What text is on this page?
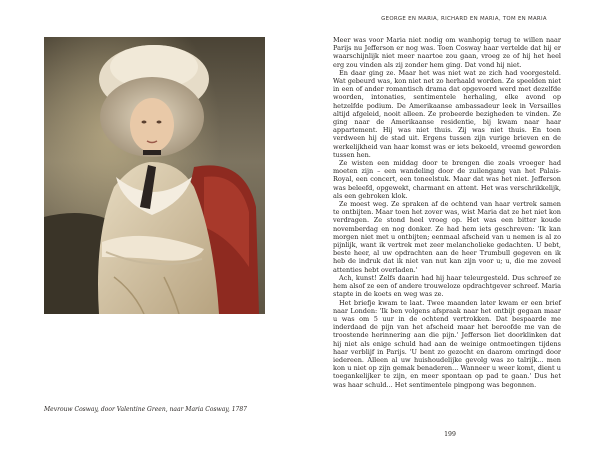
Mevrouw Cosway, door Valentine Green, naar Maria Cosway, 1787
GEORGE EN MARIA, RICHARD EN MARIA, TOM EN MARIA

Meer was voor Maria niet nodig om wanhopig terug te willen naar Parijs nu Jefferson er nog was. Toen Cosway haar vertelde dat hij er waarschijnlijk niet meer naartoe zou gaan, vroeg ze of hij het heel erg zou vinden als zij zonder hem ging. Dat vond hij niet.

En daar ging ze. Maar het was niet wat ze zich had voorgesteld. Wat gebeurd was, kon niet net zo herhaald worden. Ze speelden niet in een of ander romantisch drama dat opgevoerd werd met dezelfde woorden, intonaties, sentimentele herhaling, elke avond op hetzelfde podium. De Amerikaanse ambassadeur leek in Versailles altijd afgeleid, nooit alleen. Ze probeerde bezigheden te vinden. Ze ging naar de Amerikaanse residentie, bij kwam naar haar appartement. Hij was niet thuis. Zij was niet thuis. En toen verdween hij de stad uit. Ergens tussen zijn vurige brieven en de werkelijkheid van haar komst was er iets bekoeld, vreemd geworden tussen hen.

Ze wisten een middag door te brengen die zoals vroeger had moeten zijn – een wandeling door de zuilengang van het Palais-Royal, een concert, een toneelstuk. Maar dat was het niet. Jefferson was beleefd, opgewekt, charmant en attent. Het was verschrikkelijk, als een gebroken klok.

Ze moest weg. Ze spraken af de ochtend van haar vertrek samen te ontbijten. Maar toen het zover was, wist Maria dat ze het niet kon verdragen. Ze stond heel vroeg op. Het was een bitter koude novemberdag en nog donker. Ze had hem iets geschreven: 'Ik kan morgen niet met u ontbijten; eenmaal afscheid van u nemen is al zo pijnlijk, want ik vertrek met zeer melancholieke gedachten. U bebt, beste heer, al uw opdrachten aan de heer Trumbull gegeven en ik heb de indruk dat ik niet van nut kan zijn voor u; u, die me zoveel attenties hebt overladen.'

Ach, kunst! Zelfs daarin had hij haar teleurgesteld. Dus schreef ze hem alsof ze een of andere trouweloze opdrachtgever schreef. Maria stapte in de koets en weg was ze.

Het briefje kwam te laat. Twee maanden later kwam er een brief naar Londen: 'Ik ben volgens afspraak naar het ontbijt gegaan maar u was om 5 uur in de ochtend vertrokken. Dat bespaarde me inderdaad de pijn van het afscheid maar het beroofde me van de troostende herinnering aan die pijn.' Jefferson liet doorklinken dat hij niet als enige schuld had aan de weinige ontmoetingen tijdens haar verblijf in Parijs. 'U bent zo gezocht en daarom omringd door iedereen. Alleen al uw huishoudelijke gevolg was zo talrijk... men kon u niet op zijn gemak benaderen... Wanneer u weer komt, dient u toegankelijker te zijn, en meer spontaan op pad te gaan.' Dus het was haar schuld... Het sentimentele pingpong was begonnen.

199
